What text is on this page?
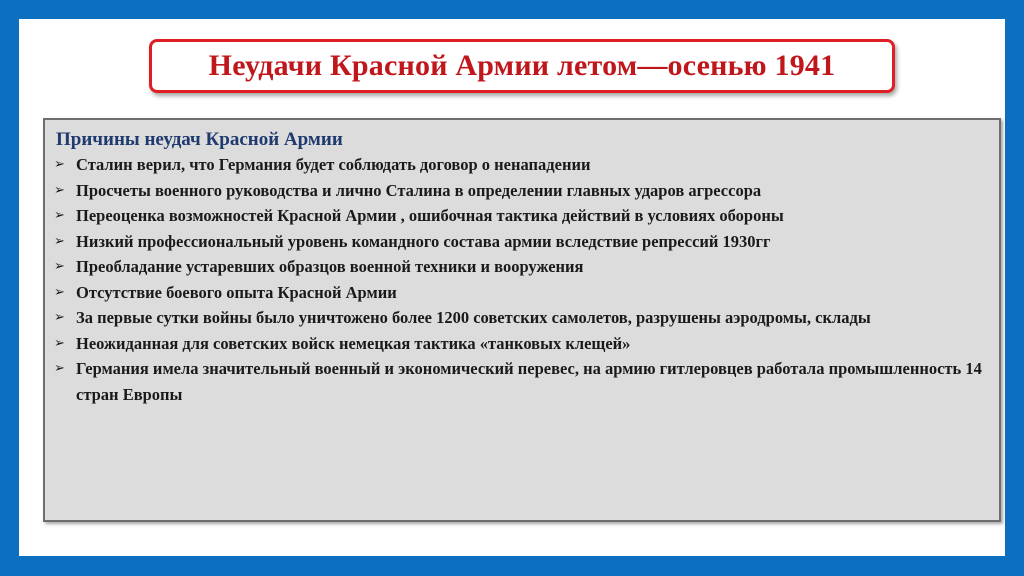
Неудачи Красной Армии летом—осенью 1941
Причины неудач Красной Армии
➢ Сталин верил, что Германия будет соблюдать договор о ненападении
➢ Просчеты военного руководства и лично Сталина в определении главных ударов агрессора
➢ Переоценка возможностей Красной Армии , ошибочная тактика действий в условиях обороны
➢ Низкий профессиональный уровень командного состава армии вследствие репрессий 1930гг
➢ Преобладание устаревших образцов военной техники и вооружения
➢ Отсутствие боевого опыта Красной Армии
➢ За первые сутки войны было уничтожено более 1200 советских самолетов, разрушены аэродромы, склады
➢ Неожиданная для советских войск немецкая тактика «танковых клещей»
➢ Германия имела значительный военный и экономический перевес, на армию гитлеровцев работала промышленность 14 стран Европы
